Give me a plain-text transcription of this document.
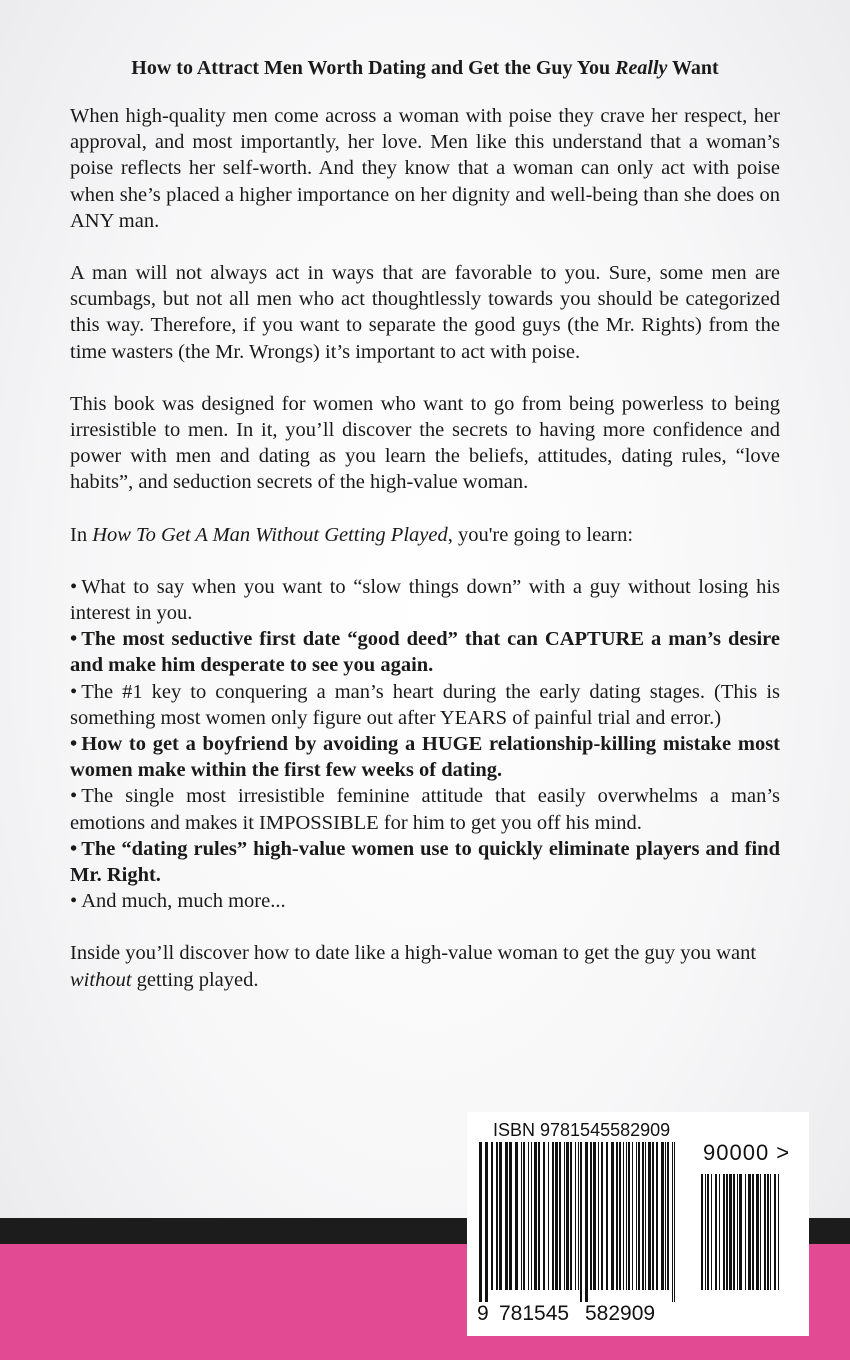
How to Attract Men Worth Dating and Get the Guy You Really Want

When high-quality men come across a woman with poise they crave her respect, her approval, and most importantly, her love. Men like this understand that a woman’s poise reflects her self-worth. And they know that a woman can only act with poise when she’s placed a higher importance on her dignity and well-being than she does on ANY man.

A man will not always act in ways that are favorable to you. Sure, some men are scumbags, but not all men who act thoughtlessly towards you should be categorized this way. Therefore, if you want to separate the good guys (the Mr. Rights) from the time wasters (the Mr. Wrongs) it’s important to act with poise.

This book was designed for women who want to go from being powerless to being irresistible to men. In it, you’ll discover the secrets to having more confidence and power with men and dating as you learn the beliefs, attitudes, dating rules, “love habits”, and seduction secrets of the high-value woman.

In How To Get A Man Without Getting Played, you're going to learn:

• What to say when you want to “slow things down” with a guy without losing his interest in you.
• The most seductive first date “good deed” that can CAPTURE a man’s desire and make him desperate to see you again.
• The #1 key to conquering a man’s heart during the early dating stages. (This is something most women only figure out after YEARS of painful trial and error.)
• How to get a boyfriend by avoiding a HUGE relationship-killing mistake most women make within the first few weeks of dating.
• The single most irresistible feminine attitude that easily overwhelms a man’s emotions and makes it IMPOSSIBLE for him to get you off his mind.
• The “dating rules” high-value women use to quickly eliminate players and find Mr. Right.
• And much, much more...

Inside you’ll discover how to date like a high-value woman to get the guy you want without getting played.

ISBN 9781545582909
90000 >
9 781545 582909
